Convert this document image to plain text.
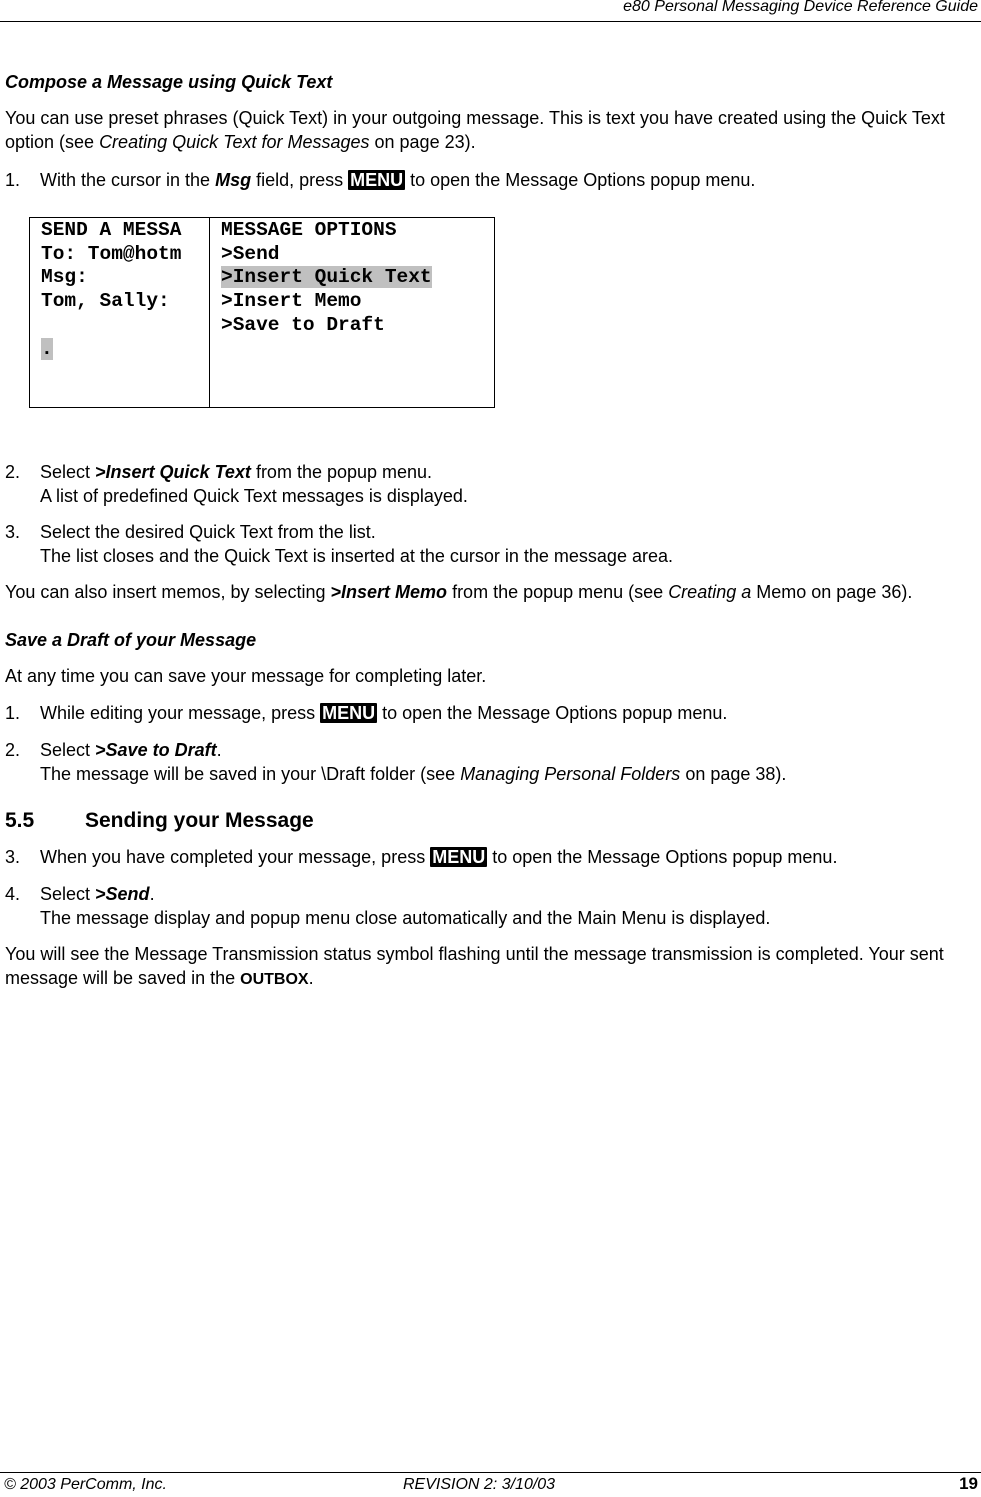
e80 Personal Messaging Device Reference Guide
Compose a Message using Quick Text

You can use preset phrases (Quick Text) in your outgoing message. This is text you have created using the Quick Text option (see Creating Quick Text for Messages on page 23).

1. With the cursor in the Msg field, press MENU to open the Message Options popup menu.
2. Select >Insert Quick Text from the popup menu.
A list of predefined Quick Text messages is displayed.
3. Select the desired Quick Text from the list.
The list closes and the Quick Text is inserted at the cursor in the message area.

You can also insert memos, by selecting >Insert Memo from the popup menu (see Creating a Memo on page 36).

Save a Draft of your Message

At any time you can save your message for completing later.

1. While editing your message, press MENU to open the Message Options popup menu.
2. Select >Save to Draft.
The message will be saved in your \Draft folder (see Managing Personal Folders on page 38).
5.5 Sending your Message
3. When you have completed your message, press MENU to open the Message Options popup menu.
4. Select >Send.
The message display and popup menu close automatically and the Main Menu is displayed.

You will see the Message Transmission status symbol flashing until the message transmission is completed. Your sent message will be saved in the OUTBOX.

SEND A MESSA
To: Tom@hotm
Msg:
Tom, Sally:
.
MESSAGE OPTIONS
>Send
>Insert Quick Text
>Insert Memo
>Save to Draft
© 2003 PerComm, Inc.	REVISION 2: 3/10/03	19
